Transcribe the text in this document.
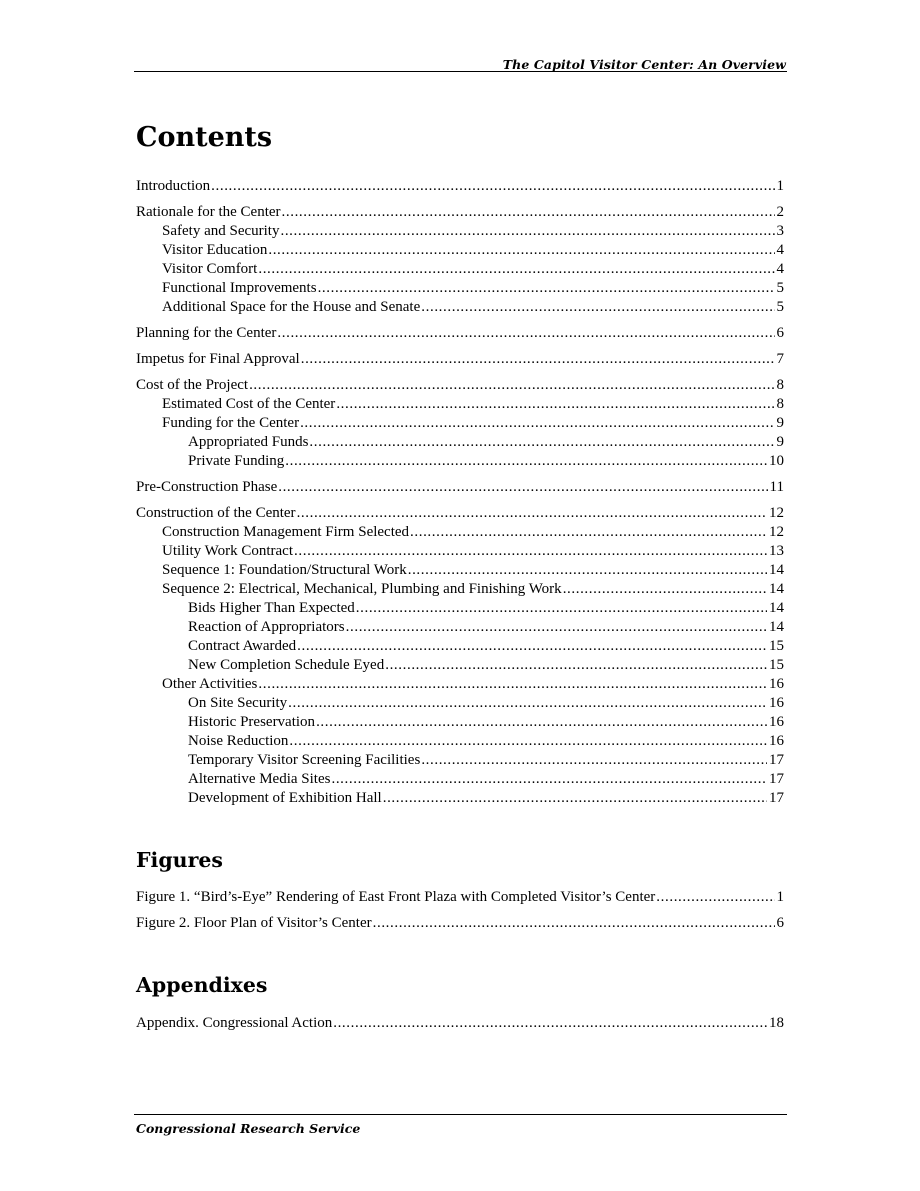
The Capitol Visitor Center: An Overview
Contents
Introduction .....	1
Rationale for the Center .....	2
Safety and Security .....	3
Visitor Education .....	4
Visitor Comfort .....	4
Functional Improvements .....	5
Additional Space for the House and Senate .....	5
Planning for the Center .....	6
Impetus for Final Approval .....	7
Cost of the Project .....	8
Estimated Cost of the Center .....	8
Funding for the Center .....	9
Appropriated Funds .....	9
Private Funding .....	10
Pre-Construction Phase .....	11
Construction of the Center .....	12
Construction Management Firm Selected .....	12
Utility Work Contract .....	13
Sequence 1: Foundation/Structural Work .....	14
Sequence 2: Electrical, Mechanical, Plumbing and Finishing Work .....	14
Bids Higher Than Expected .....	14
Reaction of Appropriators .....	14
Contract Awarded .....	15
New Completion Schedule Eyed .....	15
Other Activities .....	16
On Site Security .....	16
Historic Preservation .....	16
Noise Reduction .....	16
Temporary Visitor Screening Facilities .....	17
Alternative Media Sites .....	17
Development of Exhibition Hall .....	17
Figures
Figure 1. “Bird’s-Eye” Rendering of East Front Plaza with Completed Visitor’s Center .....	1
Figure 2. Floor Plan of Visitor’s Center .....	6
Appendixes
Appendix. Congressional Action .....	18
Congressional Research Service
